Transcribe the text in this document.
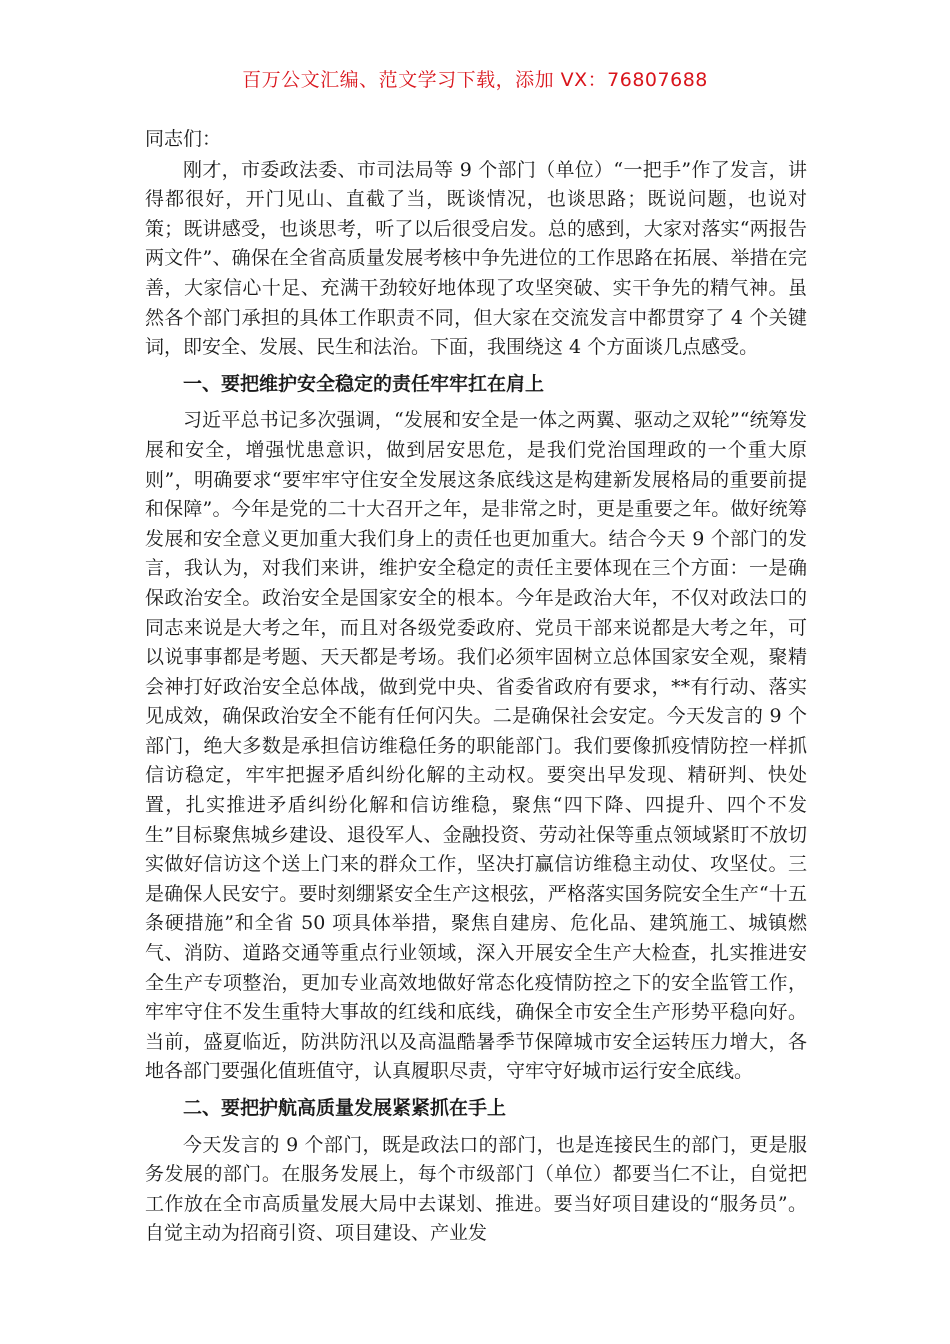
百万公文汇编、范文学习下载，添加 VX：76807688

同志们：

刚才，市委政法委、市司法局等 9 个部门（单位）“一把手”作了发言，讲得都很好，开门见山、直截了当，既谈情况，也谈思路；既说问题，也说对策；既讲感受，也谈思考，听了以后很受启发。总的感到，大家对落实“两报告两文件”、确保在全省高质量发展考核中争先进位的工作思路在拓展、举措在完善，大家信心十足、充满干劲较好地体现了攻坚突破、实干争先的精气神。虽然各个部门承担的具体工作职责不同，但大家在交流发言中都贯穿了 4 个关键词，即安全、发展、民生和法治。下面，我围绕这 4 个方面谈几点感受。

一、要把维护安全稳定的责任牢牢扛在肩上

习近平总书记多次强调，“发展和安全是一体之两翼、驱动之双轮”“统筹发展和安全，增强忧患意识，做到居安思危，是我们党治国理政的一个重大原则”，明确要求“要牢牢守住安全发展这条底线这是构建新发展格局的重要前提和保障”。今年是党的二十大召开之年，是非常之时，更是重要之年。做好统筹发展和安全意义更加重大我们身上的责任也更加重大。结合今天 9 个部门的发言，我认为，对我们来讲，维护安全稳定的责任主要体现在三个方面：一是确保政治安全。政治安全是国家安全的根本。今年是政治大年，不仅对政法口的同志来说是大考之年，而且对各级党委政府、党员干部来说都是大考之年，可以说事事都是考题、天天都是考场。我们必须牢固树立总体国家安全观，聚精会神打好政治安全总体战，做到党中央、省委省政府有要求，**有行动、落实见成效，确保政治安全不能有任何闪失。二是确保社会安定。今天发言的 9 个部门，绝大多数是承担信访维稳任务的职能部门。我们要像抓疫情防控一样抓信访稳定，牢牢把握矛盾纠纷化解的主动权。要突出早发现、精研判、快处置，扎实推进矛盾纠纷化解和信访维稳，聚焦“四下降、四提升、四个不发生”目标聚焦城乡建设、退役军人、金融投资、劳动社保等重点领域紧盯不放切实做好信访这个送上门来的群众工作，坚决打赢信访维稳主动仗、攻坚仗。三是确保人民安宁。要时刻绷紧安全生产这根弦，严格落实国务院安全生产“十五条硬措施”和全省 50 项具体举措，聚焦自建房、危化品、建筑施工、城镇燃气、消防、道路交通等重点行业领域，深入开展安全生产大检查，扎实推进安全生产专项整治，更加专业高效地做好常态化疫情防控之下的安全监管工作，牢牢守住不发生重特大事故的红线和底线，确保全市安全生产形势平稳向好。当前，盛夏临近，防洪防汛以及高温酷暑季节保障城市安全运转压力增大，各地各部门要强化值班值守，认真履职尽责，守牢守好城市运行安全底线。

二、要把护航高质量发展紧紧抓在手上

今天发言的 9 个部门，既是政法口的部门，也是连接民生的部门，更是服务发展的部门。在服务发展上，每个市级部门（单位）都要当仁不让，自觉把工作放在全市高质量发展大局中去谋划、推进。要当好项目建设的“服务员”。自觉主动为招商引资、项目建设、产业发
